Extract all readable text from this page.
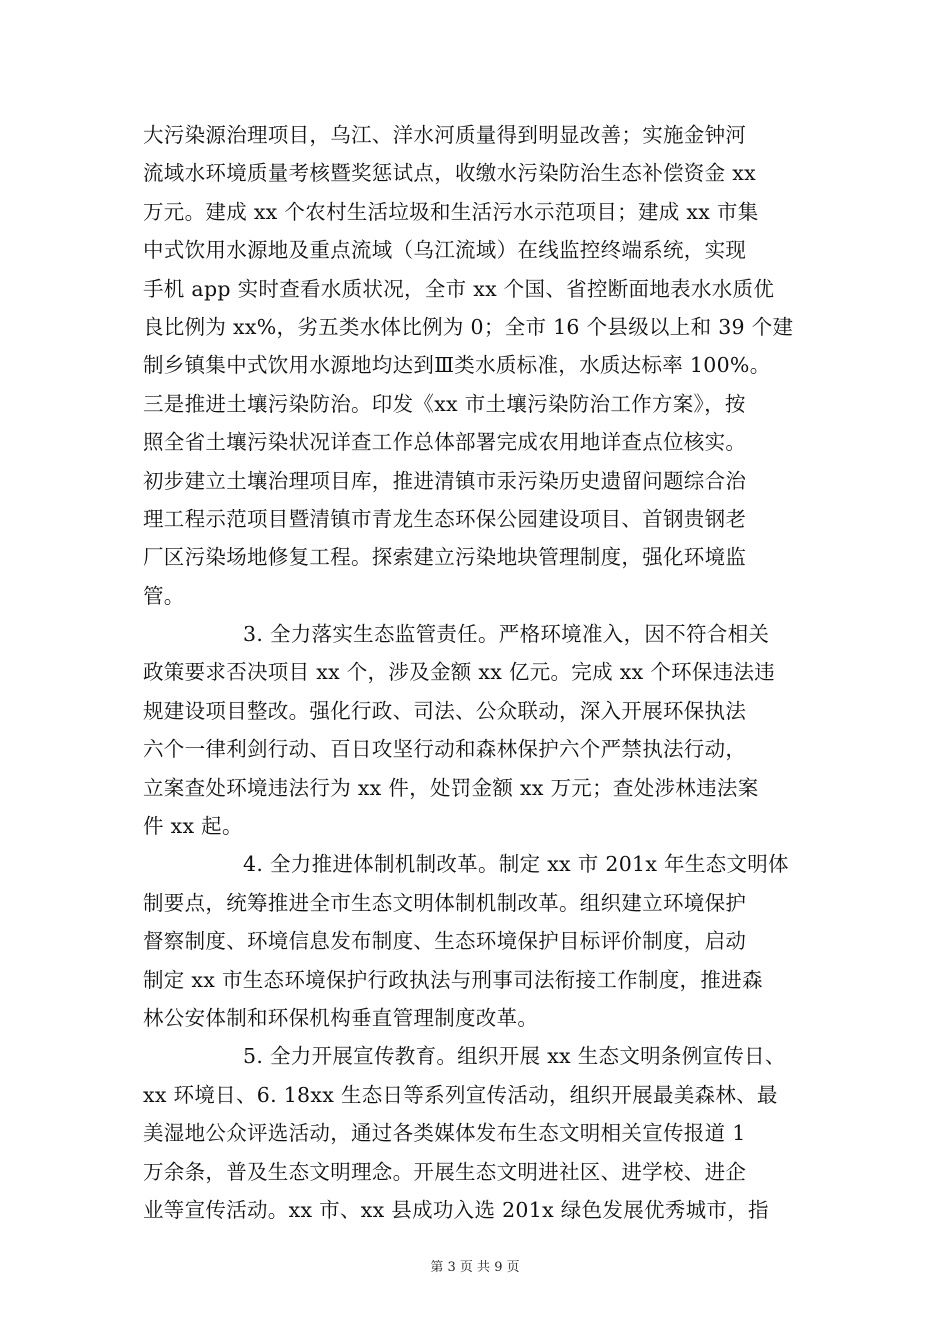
大污染源治理项目，乌江、洋水河质量得到明显改善；实施金钟河
流域水环境质量考核暨奖惩试点，收缴水污染防治生态补偿资金 xx
万元。建成 xx 个农村生活垃圾和生活污水示范项目；建成 xx 市集
中式饮用水源地及重点流域（乌江流域）在线监控终端系统，实现
手机 app 实时查看水质状况，全市 xx 个国、省控断面地表水水质优
良比例为 xx%，劣五类水体比例为 0；全市 16 个县级以上和 39 个建
制乡镇集中式饮用水源地均达到Ⅲ类水质标准，水质达标率 100%。
三是推进土壤污染防治。印发《xx 市土壤污染防治工作方案》，按
照全省土壤污染状况详查工作总体部署完成农用地详查点位核实。
初步建立土壤治理项目库，推进清镇市汞污染历史遗留问题综合治
理工程示范项目暨清镇市青龙生态环保公园建设项目、首钢贵钢老
厂区污染场地修复工程。探索建立污染地块管理制度，强化环境监
管。
3. 全力落实生态监管责任。严格环境准入，因不符合相关
政策要求否决项目 xx 个，涉及金额 xx 亿元。完成 xx 个环保违法违
规建设项目整改。强化行政、司法、公众联动，深入开展环保执法
六个一律利剑行动、百日攻坚行动和森林保护六个严禁执法行动，
立案查处环境违法行为 xx 件，处罚金额 xx 万元；查处涉林违法案
件 xx 起。
4. 全力推进体制机制改革。制定 xx 市 201x 年生态文明体
制要点，统筹推进全市生态文明体制机制改革。组织建立环境保护
督察制度、环境信息发布制度、生态环境保护目标评价制度，启动
制定 xx 市生态环境保护行政执法与刑事司法衔接工作制度，推进森
林公安体制和环保机构垂直管理制度改革。
5. 全力开展宣传教育。组织开展 xx 生态文明条例宣传日、
xx 环境日、6. 18xx 生态日等系列宣传活动，组织开展最美森林、最
美湿地公众评选活动，通过各类媒体发布生态文明相关宣传报道 1
万余条，普及生态文明理念。开展生态文明进社区、进学校、进企
业等宣传活动。xx 市、xx 县成功入选 201x 绿色发展优秀城市，指
第 3 页 共 9 页
